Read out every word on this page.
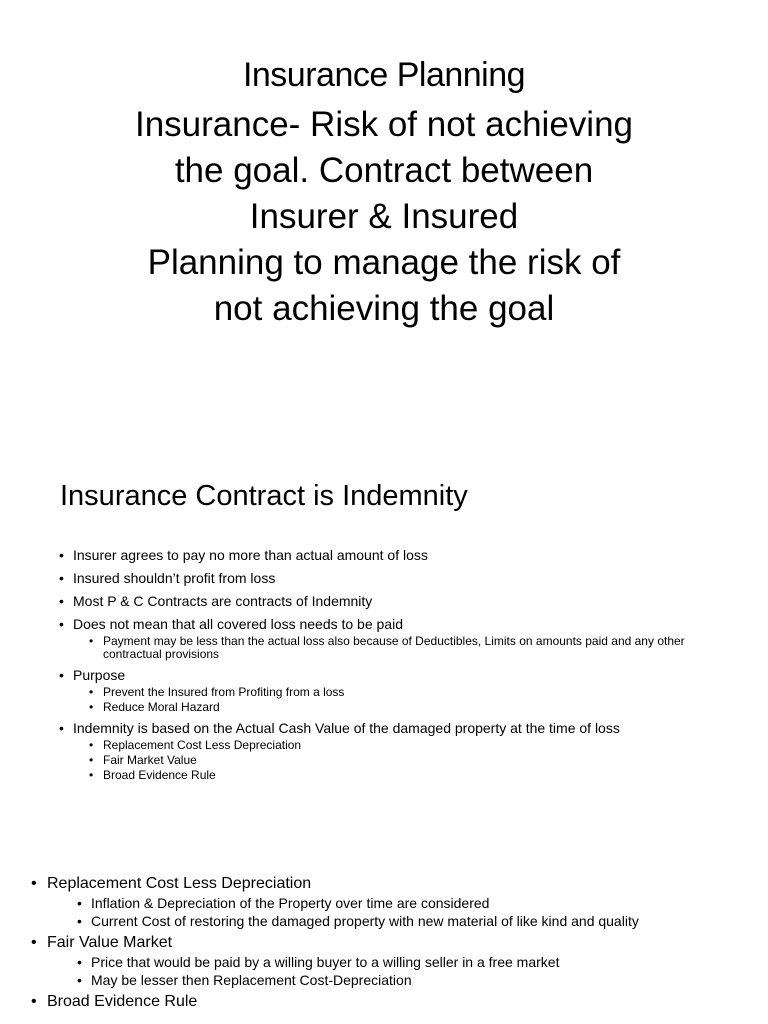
Insurance Planning
Insurance- Risk of not achieving
the goal. Contract between
Insurer & Insured
Planning to manage the risk of
not achieving the goal
Insurance Contract is Indemnity
• Insurer agrees to pay no more than actual amount of loss
• Insured shouldn’t profit from loss
• Most P & C Contracts are contracts of Indemnity
• Does not mean that all covered loss needs to be paid
• Payment may be less than the actual loss also because of Deductibles, Limits on amounts paid and any other contractual provisions
• Purpose
• Prevent the Insured from Profiting from a loss
• Reduce Moral Hazard
• Indemnity is based on the Actual Cash Value of the damaged property at the time of loss
• Replacement Cost Less Depreciation
• Fair Market Value
• Broad Evidence Rule
• Replacement Cost Less Depreciation
• Inflation & Depreciation of the Property over time are considered
• Current Cost of restoring the damaged property with new material of like kind and quality
• Fair Value Market
• Price that would be paid by a willing buyer to a willing seller in a free market
• May be lesser then Replacement Cost-Depreciation
• Broad Evidence Rule
